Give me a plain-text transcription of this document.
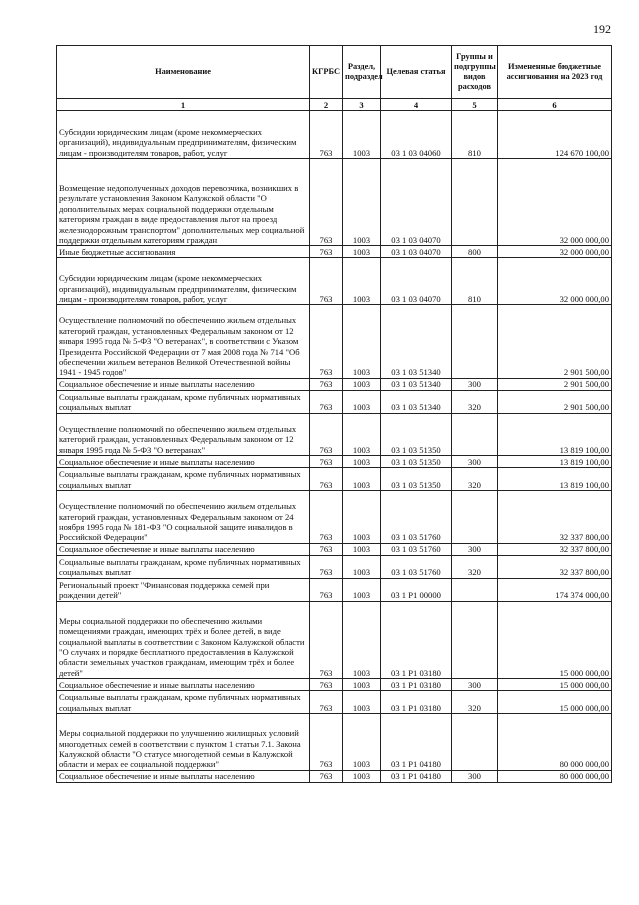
192
Наименование	КГРБС	Раздел, подраздел	Целевая статья	Группы и подгруппы видов расходов	Измененные бюджетные ассигнования на 2023 год
1	2	3	4	5	6
Субсидии юридическим лицам (кроме некоммерческих организаций), индивидуальным предпринимателям, физическим лицам - производителям товаров, работ, услуг	763	1003	03 1 03 04060	810	124 670 100,00
Возмещение недополученных доходов перевозчика, возникших в результате установления Законом Калужской области "О дополнительных мерах социальной поддержки отдельным категориям граждан в виде предоставления льгот на проезд железнодорожным транспортом" дополнительных мер социальной поддержки отдельным категориям граждан	763	1003	03 1 03 04070		32 000 000,00
Иные бюджетные ассигнования	763	1003	03 1 03 04070	800	32 000 000,00
Субсидии юридическим лицам (кроме некоммерческих организаций), индивидуальным предпринимателям, физическим лицам - производителям товаров, работ, услуг	763	1003	03 1 03 04070	810	32 000 000,00
Осуществление полномочий по обеспечению жильем отдельных категорий граждан, установленных Федеральным законом от 12 января 1995 года № 5-ФЗ "О ветеранах", в соответствии с Указом Президента Российской Федерации от 7 мая 2008 года № 714 "Об обеспечении жильем ветеранов Великой Отечественной войны 1941 - 1945 годов"	763	1003	03 1 03 51340		2 901 500,00
Социальное обеспечение и иные выплаты населению	763	1003	03 1 03 51340	300	2 901 500,00
Социальные выплаты гражданам, кроме публичных нормативных социальных выплат	763	1003	03 1 03 51340	320	2 901 500,00
Осуществление полномочий по обеспечению жильем отдельных категорий граждан, установленных Федеральным законом от 12 января 1995 года № 5-ФЗ "О ветеранах"	763	1003	03 1 03 51350		13 819 100,00
Социальное обеспечение и иные выплаты населению	763	1003	03 1 03 51350	300	13 819 100,00
Социальные выплаты гражданам, кроме публичных нормативных социальных выплат	763	1003	03 1 03 51350	320	13 819 100,00
Осуществление полномочий по обеспечению жильем отдельных категорий граждан, установленных Федеральным законом от 24 ноября 1995 года № 181-ФЗ "О социальной защите инвалидов в Российской Федерации"	763	1003	03 1 03 51760		32 337 800,00
Социальное обеспечение и иные выплаты населению	763	1003	03 1 03 51760	300	32 337 800,00
Социальные выплаты гражданам, кроме публичных нормативных социальных выплат	763	1003	03 1 03 51760	320	32 337 800,00
Региональный проект "Финансовая поддержка семей при рождении детей"	763	1003	03 1 P1 00000		174 374 000,00
Меры социальной поддержки по обеспечению жилыми помещениями граждан, имеющих трёх и более детей, в виде социальной выплаты в соответствии с Законом Калужской области "О случаях и порядке бесплатного предоставления в Калужской области земельных участков гражданам, имеющим трёх и более детей"	763	1003	03 1 P1 03180		15 000 000,00
Социальное обеспечение и иные выплаты населению	763	1003	03 1 P1 03180	300	15 000 000,00
Социальные выплаты гражданам, кроме публичных нормативных социальных выплат	763	1003	03 1 P1 03180	320	15 000 000,00
Меры социальной поддержки по улучшению жилищных условий многодетных семей в соответствии с пунктом 1 статьи 7.1. Закона Калужской области "О статусе многодетной семьи в Калужской области и мерах ее социальной поддержки"	763	1003	03 1 P1 04180		80 000 000,00
Социальное обеспечение и иные выплаты населению	763	1003	03 1 P1 04180	300	80 000 000,00
